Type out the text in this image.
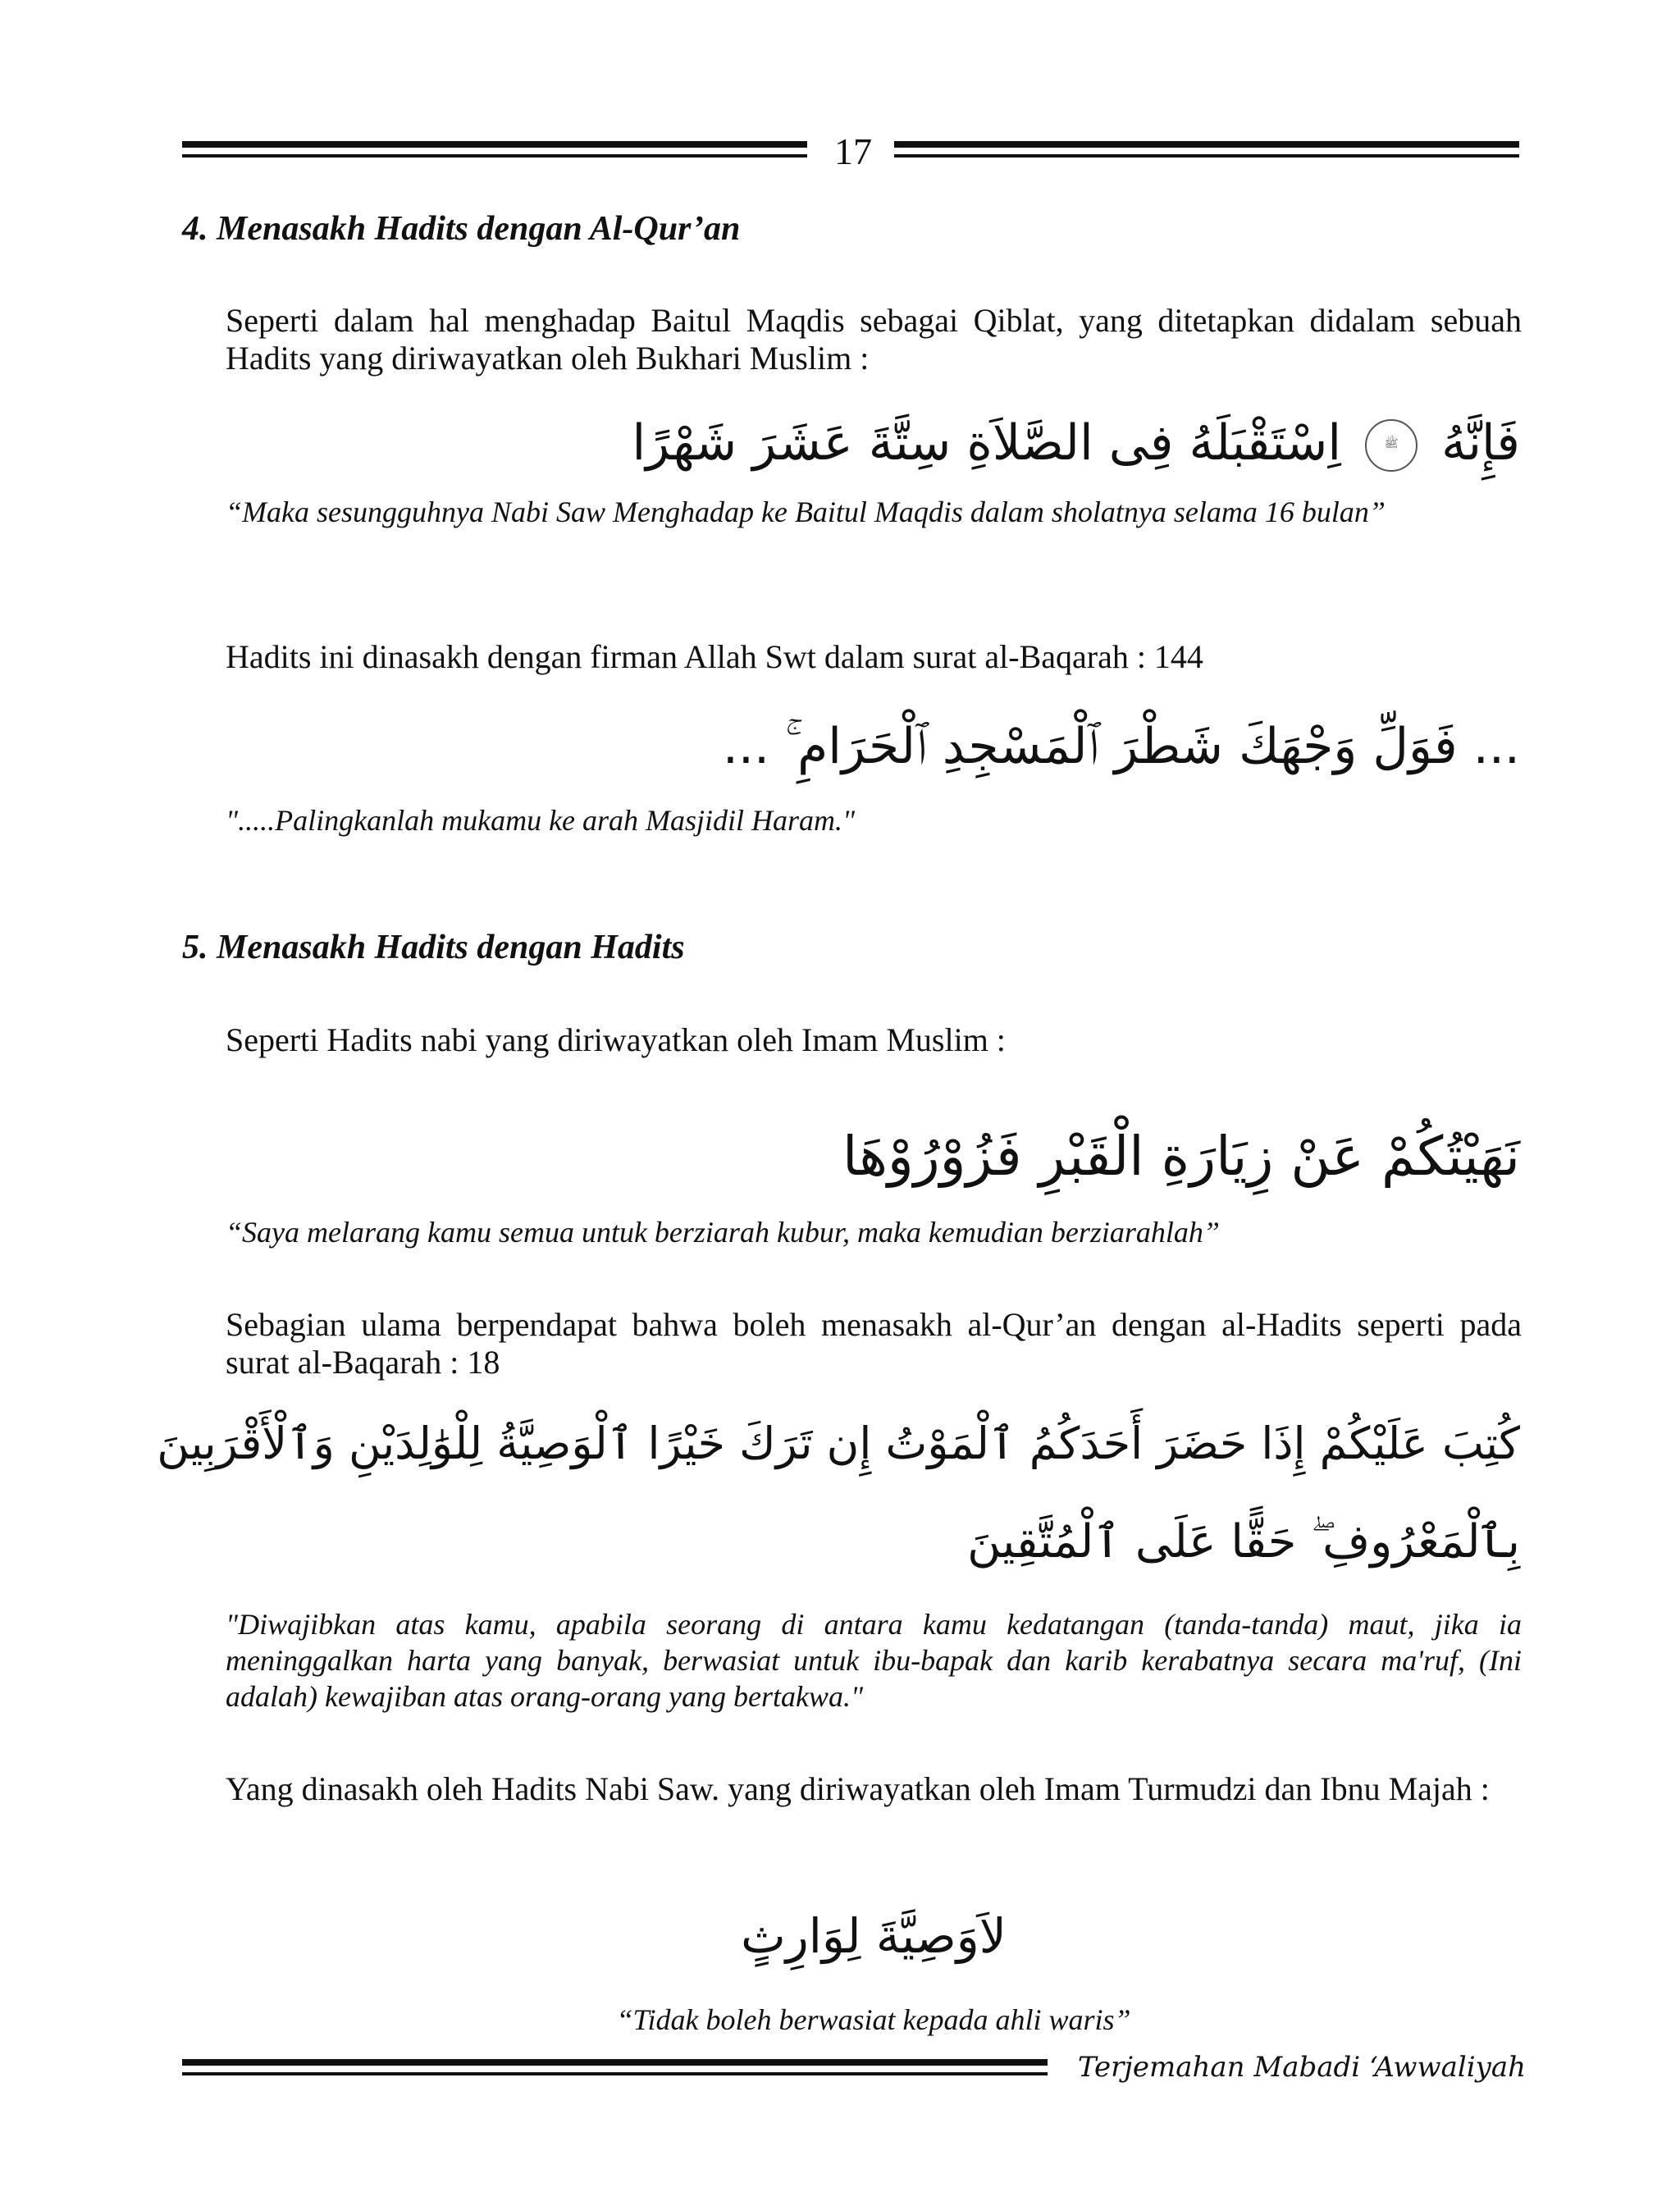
17
4. Menasakh Hadits dengan Al-Qur’an
Seperti dalam hal menghadap Baitul Maqdis sebagai Qiblat, yang ditetapkan didalam sebuah Hadits yang diriwayatkan oleh Bukhari Muslim :
فَإِنَّهُ ﷺ اِسْتَقْبَلَهُ فِى الصَّلاَةِ سِتَّةَ عَشَرَ شَهْرًا
“Maka sesungguhnya Nabi Saw Menghadap ke Baitul Maqdis dalam sholatnya selama 16 bulan”
Hadits ini dinasakh dengan firman Allah Swt dalam surat al-Baqarah : 144
... فَوَلِّ وَجْهَكَ شَطْرَ ٱلْمَسْجِدِ ٱلْحَرَامِ ۚ ...
".....Palingkanlah mukamu ke arah Masjidil Haram."
5. Menasakh Hadits dengan Hadits
Seperti Hadits nabi yang diriwayatkan oleh Imam Muslim :
نَهَيْتُكُمْ عَنْ زِيَارَةِ الْقَبْرِ فَزُوْرُوْهَا
“Saya melarang kamu semua untuk berziarah kubur, maka kemudian berziarahlah”
Sebagian ulama berpendapat bahwa boleh menasakh al-Qur’an dengan al-Hadits seperti pada surat al-Baqarah : 18
كُتِبَ عَلَيْكُمْ إِذَا حَضَرَ أَحَدَكُمُ ٱلْمَوْتُ إِن تَرَكَ خَيْرًا ٱلْوَصِيَّةُ لِلْوَٰلِدَيْنِ وَٱلْأَقْرَبِينَ
بِٱلْمَعْرُوفِ ۖ حَقًّا عَلَى ٱلْمُتَّقِينَ
"Diwajibkan atas kamu, apabila seorang di antara kamu kedatangan (tanda-tanda) maut, jika ia meninggalkan harta yang banyak, berwasiat untuk ibu-bapak dan karib kerabatnya secara ma'ruf, (Ini adalah) kewajiban atas orang-orang yang bertakwa."
Yang dinasakh oleh Hadits Nabi Saw. yang diriwayatkan oleh Imam Turmudzi dan Ibnu Majah :
لاَوَصِيَّةَ لِوَارِثٍ
“Tidak boleh berwasiat kepada ahli waris”
Terjemahan Mabadi ‘Awwaliyah
